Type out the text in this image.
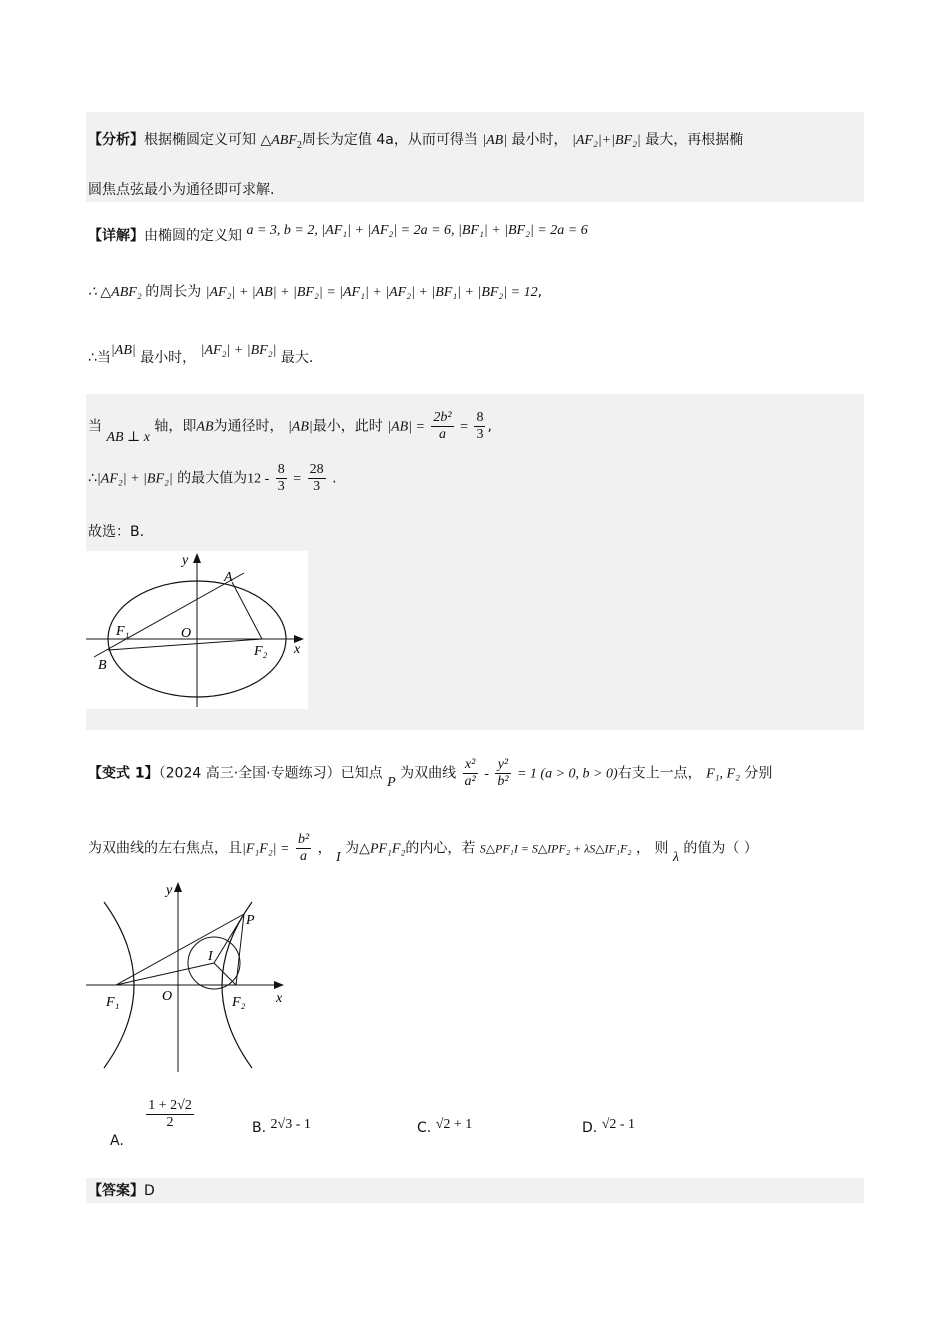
【分析】根据椭圆定义可知 $\triangle ABF_2$周长为定值 4a，从而可得当 |AB| 最小时， |AF₂|+|BF₂| 最大，再根据椭
圆焦点弦最小为通径即可求解.
【详解】由椭圆的定义知 a = 3, b = 2, |AF₁| + |AF₂| = 2a = 6, |BF₁| + |BF₂| = 2a = 6
∴ △ABF₂ 的周长为 |AF₂| + |AB| + |BF₂| = |AF₁| + |AF₂| + |BF₁| + |BF₂| = 12,
∴当|AB| 最小时， |AF₂| + |BF₂| 最大.
当 AB ⊥ x 轴，即AB为通径时， |AB|最小，此时 $|AB| = \frac{\text{2b²}}{a} = \frac{8}{3}$ ,
∴|AF₂| + |BF₂| 的最大值为$12 - \frac{8}{3} = \frac{28}{3}$ .
故选：B.
y
x
A
B
O
F₁
F₂
【变式 1】（2024 高三·全国·专题练习）已知点 P 为双曲线 $\frac{\text{x²}}{\text{a²}} - \frac{\text{y²}}{\text{b²}} = 1$ (a > 0, b > 0)右支上一点， F₁, F₂ 分别
为双曲线的左右焦点，且$|F_1F_2| = \frac{\text{b²}}{a}$ ， I 为△PF₁F₂的内心，若 S△PF₁I = S△IPF₂ + λS△IF₁F₂ ， 则 λ 的值为（ ）
y
x
P
I
O
F₁	F₂
A.
$\frac{1 + 2√2}{2}$	B. 2√3 - 1	C. √2 + 1	D. √2 - 1
【答案】D
